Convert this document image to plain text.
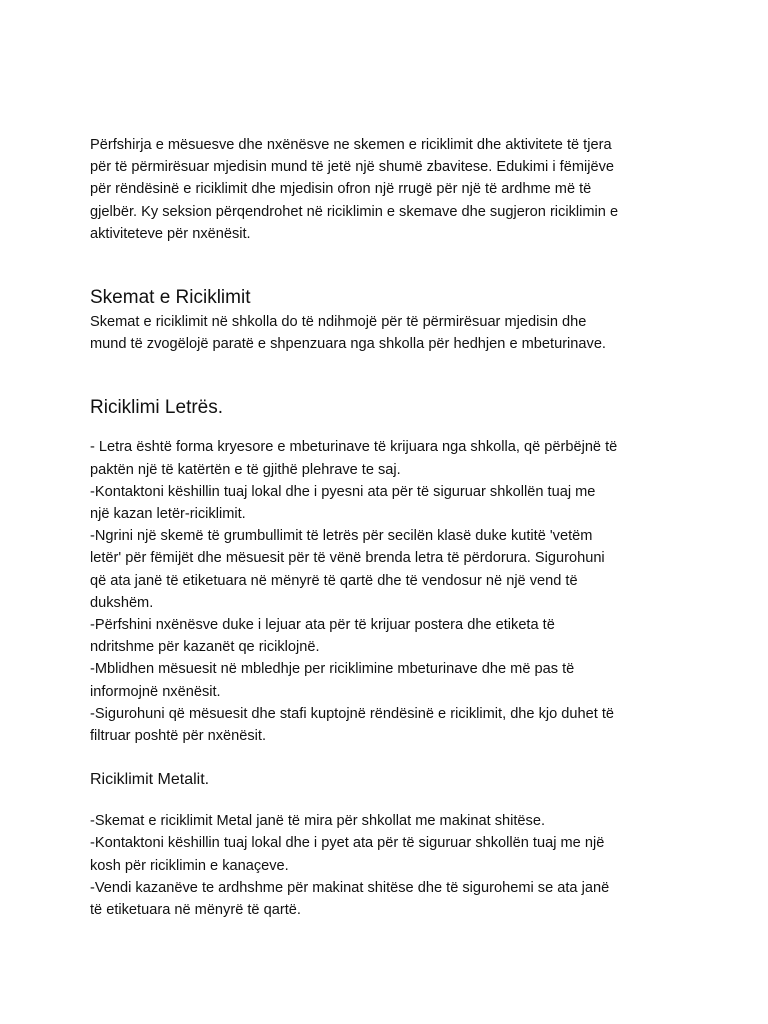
Përfshirja e mësuesve dhe nxënësve ne skemen e riciklimit dhe aktivitete të tjera
për të përmirësuar mjedisin mund të jetë një shumë zbavitese. Edukimi i fëmijëve
për rëndësinë e riciklimit dhe mjedisin ofron një rrugë për një të ardhme më të
gjelbër. Ky seksion përqendrohet në riciklimin e skemave dhe sugjeron riciklimin e
aktiviteteve për nxënësit.

Skemat e Riciklimit

Skemat e riciklimit në shkolla do të ndihmojë për të përmirësuar mjedisin dhe
mund të zvogëlojë paratë e shpenzuara nga shkolla për hedhjen e mbeturinave.

Riciklimi Letrës.

- Letra është forma kryesore e mbeturinave të krijuara nga shkolla, që përbëjnë të
paktën një të katërtën e të gjithë plehrave te saj.
-Kontaktoni këshillin tuaj lokal dhe i pyesni ata për të siguruar shkollën tuaj me
një kazan letër-riciklimit.
-Ngrini një skemë të grumbullimit të letrës për secilën klasë duke kutitë 'vetëm
letër' për fëmijët dhe mësuesit për të vënë brenda letra të përdorura. Sigurohuni
që ata janë të etiketuara në mënyrë të qartë dhe të vendosur në një vend të
dukshëm.
-Përfshini nxënësve duke i lejuar ata për të krijuar postera dhe etiketa të
ndritshme për kazanët qe riciklojnë.
-Mblidhen mësuesit në mbledhje per riciklimine mbeturinave dhe më pas të
informojnë nxënësit.
-Sigurohuni që mësuesit dhe stafi kuptojnë rëndësinë e riciklimit, dhe kjo duhet të
filtruar poshtë për nxënësit.

Riciklimit Metalit.

-Skemat e riciklimit Metal janë të mira për shkollat me makinat shitëse.
-Kontaktoni këshillin tuaj lokal dhe i pyet ata për të siguruar shkollën tuaj me një
kosh për riciklimin e kanaçeve.
-Vendi kazanëve te ardhshme për makinat shitëse dhe të sigurohemi se ata janë
të etiketuara në mënyrë të qartë.
